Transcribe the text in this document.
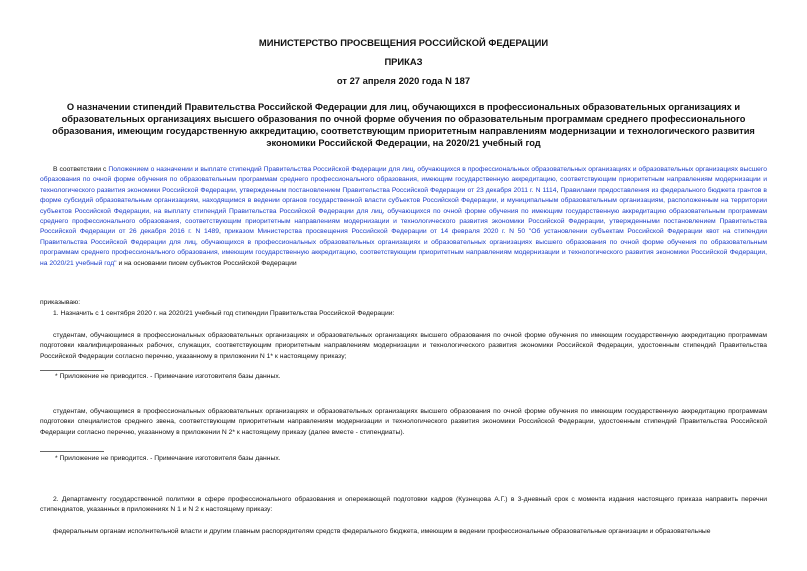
МИНИСТЕРСТВО ПРОСВЕЩЕНИЯ РОССИЙСКОЙ ФЕДЕРАЦИИ

ПРИКАЗ

от 27 апреля 2020 года N 187

О назначении стипендий Правительства Российской Федерации для лиц, обучающихся в профессиональных образовательных организациях и образовательных организациях высшего образования по очной форме обучения по образовательным программам среднего профессионального образования, имеющим государственную аккредитацию, соответствующим приоритетным направлениям модернизации и технологического развития экономики Российской Федерации, на 2020/21 учебный год

В соответствии с Положением о назначении и выплате стипендий Правительства Российской Федерации для лиц, обучающихся в профессиональных образовательных организациях и образовательных организациях высшего образования по очной форме обучения по образовательным программам среднего профессионального образования, имеющим государственную аккредитацию, соответствующим приоритетным направлениям модернизации и технологического развития экономики Российской Федерации, утвержденным постановлением Правительства Российской Федерации от 23 декабря 2011 г. N 1114, Правилами предоставления из федерального бюджета грантов в форме субсидий образовательным организациям, находящимся в ведении органов государственной власти субъектов Российской Федерации, и муниципальным образовательным организациям, расположенным на территории субъектов Российской Федерации, на выплату стипендий Правительства Российской Федерации для лиц, обучающихся по очной форме обучения по имеющим государственную аккредитацию образовательным программам среднего профессионального образования, соответствующим приоритетным направлениям модернизации и технологического развития экономики Российской Федерации, утвержденными постановлением Правительства Российской Федерации от 26 декабря 2016 г. N 1489, приказом Министерства просвещения Российской Федерации от 14 февраля 2020 г. N 50 "Об установлении субъектам Российской Федерации квот на стипендии Правительства Российской Федерации для лиц, обучающихся в профессиональных образовательных организациях и образовательных организациях высшего образования по очной форме обучения по образовательным программам среднего профессионального образования, имеющим государственную аккредитацию, соответствующим приоритетным направлениям модернизации и технологического развития экономики Российской Федерации, на 2020/21 учебный год" и на основании писем субъектов Российской Федерации

приказываю:

1. Назначить с 1 сентября 2020 г. на 2020/21 учебный год стипендии Правительства Российской Федерации:

студентам, обучающимся в профессиональных образовательных организациях и образовательных организациях высшего образования по очной форме обучения по имеющим государственную аккредитацию программам подготовки квалифицированных рабочих, служащих, соответствующим приоритетным направлениям модернизации и технологического развития экономики Российской Федерации, удостоенным стипендий Правительства Российской Федерации согласно перечню, указанному в приложении N 1* к настоящему приказу;

* Приложение не приводится. - Примечание изготовителя базы данных.

студентам, обучающимся в профессиональных образовательных организациях и образовательных организациях высшего образования по очной форме обучения по имеющим государственную аккредитацию программам подготовки специалистов среднего звена, соответствующим приоритетным направлениям модернизации и технологического развития экономики Российской Федерации, удостоенным стипендий Правительства Российской Федерации согласно перечню, указанному в приложении N 2* к настоящему приказу (далее вместе - стипендиаты).

* Приложение не приводится. - Примечание изготовителя базы данных.

2. Департаменту государственной политики в сфере профессионального образования и опережающей подготовки кадров (Кузнецова А.Г.) в 3-дневный срок с момента издания настоящего приказа направить перечни стипендиатов, указанных в приложениях N 1 и N 2 к настоящему приказу:

федеральным органам исполнительной власти и другим главным распорядителям средств федерального бюджета, имеющим в ведении профессиональные образовательные организации и образовательные
